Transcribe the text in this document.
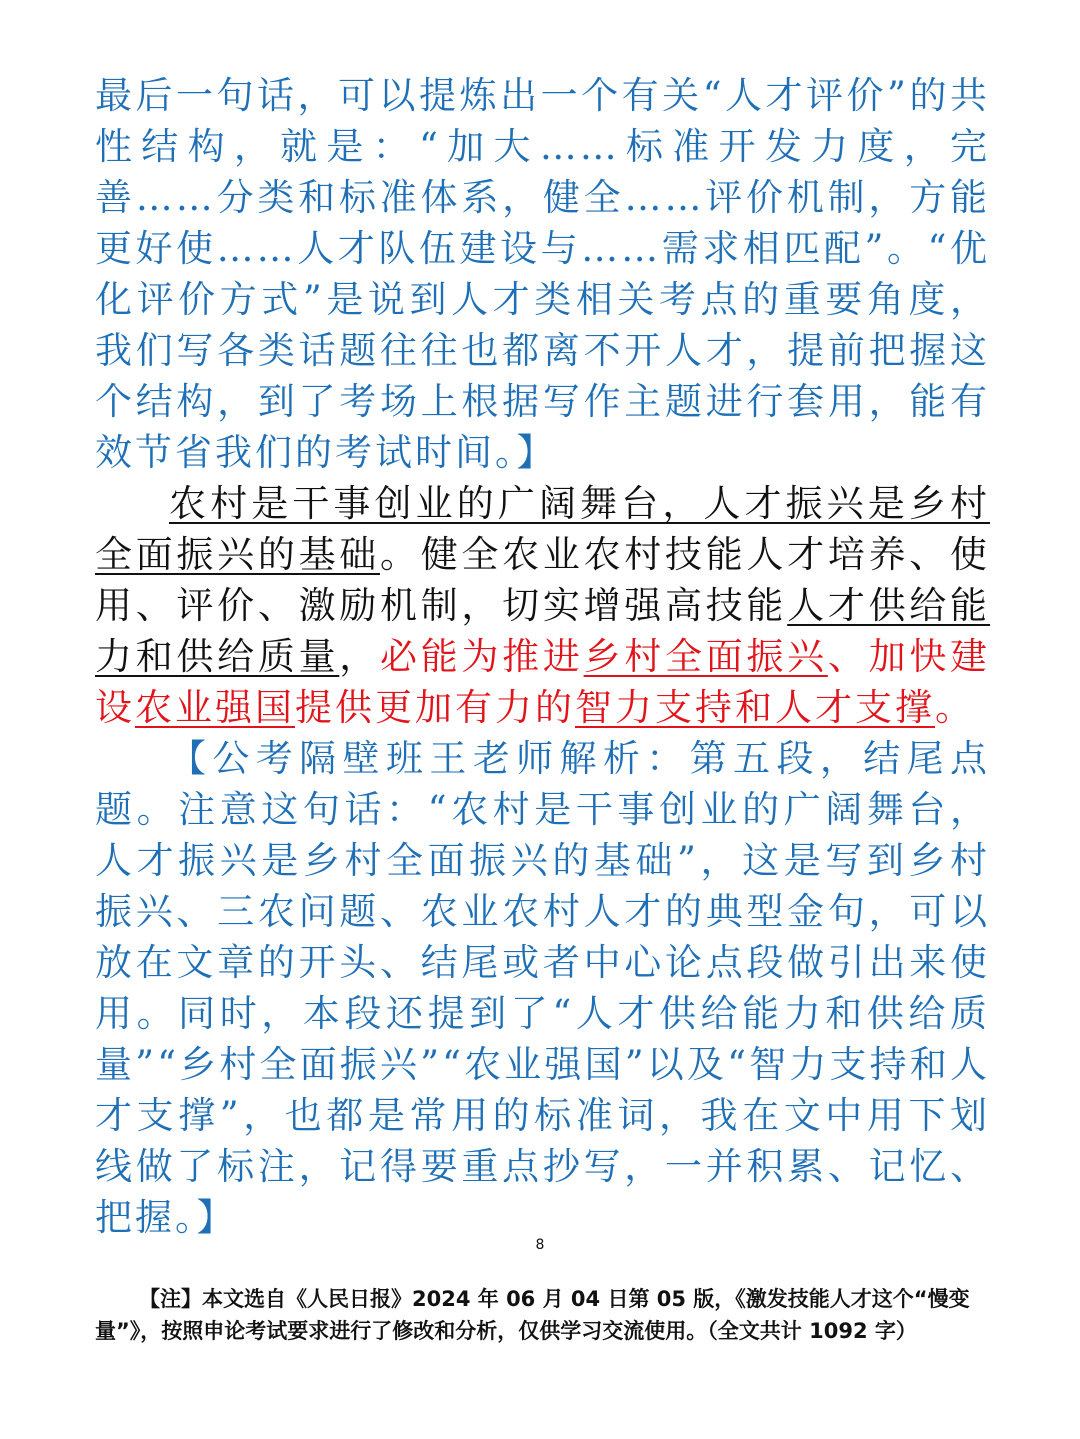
最后一句话，可以提炼出一个有关“人才评价”的共性结构，就是：“加大……标准开发力度，完善……分类和标准体系，健全……评价机制，方能更好使……人才队伍建设与……需求相匹配”。“优化评价方式”是说到人才类相关考点的重要角度，我们写各类话题往往也都离不开人才，提前把握这个结构，到了考场上根据写作主题进行套用，能有效节省我们的考试时间。】

农村是干事创业的广阔舞台，人才振兴是乡村全面振兴的基础。健全农业农村技能人才培养、使用、评价、激励机制，切实增强高技能人才供给能力和供给质量，必能为推进乡村全面振兴、加快建设农业强国提供更加有力的智力支持和人才支撑。

【公考隔壁班王老师解析：第五段，结尾点题。注意这句话：“农村是干事创业的广阔舞台，人才振兴是乡村全面振兴的基础”，这是写到乡村振兴、三农问题、农业农村人才的典型金句，可以放在文章的开头、结尾或者中心论点段做引出来使用。同时，本段还提到了“人才供给能力和供给质量”“乡村全面振兴”“农业强国”以及“智力支持和人才支撑”，也都是常用的标准词，我在文中用下划线做了标注，记得要重点抄写，一并积累、记忆、把握。】

8

【注】本文选自《人民日报》2024 年 06 月 04 日第 05 版，《激发技能人才这个“慢变量”》，按照申论考试要求进行了修改和分析，仅供学习交流使用。（全文共计 1092 字）
